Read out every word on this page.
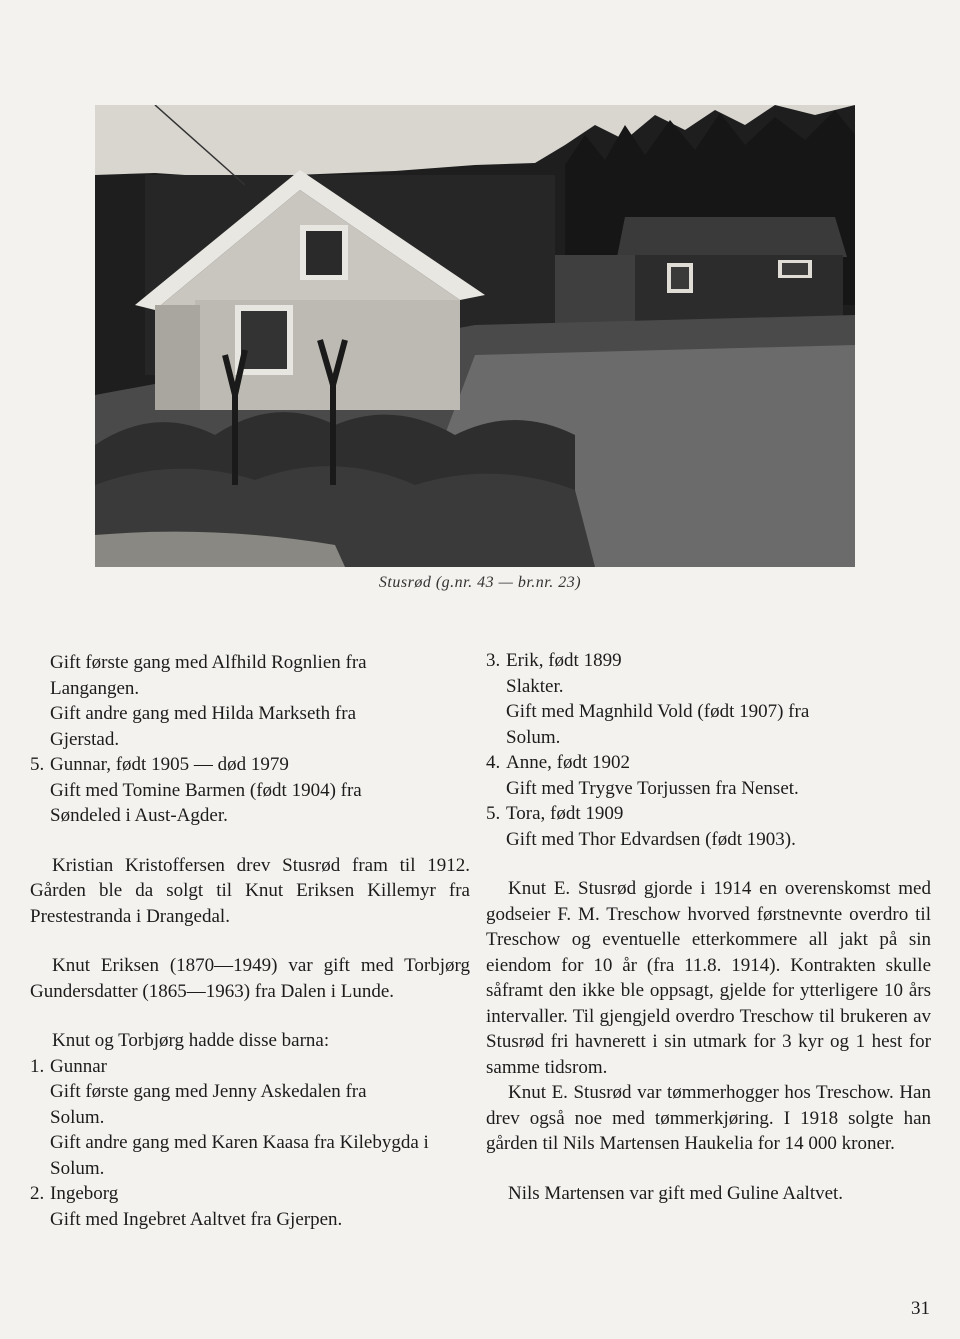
Stusrød (g.nr. 43 — br.nr. 23)

Gift første gang med Alfhild Rognlien fra

Langangen.

Gift andre gang med Hilda Markseth fra

Gjerstad.

5. Gunnar, født 1905 — død 1979

Gift med Tomine Barmen (født 1904) fra

Søndeled i Aust-Agder.

Kristian Kristoffersen drev Stusrød fram til 1912. Gården ble da solgt til Knut Eriksen Killemyr fra Prestestranda i Drangedal.

Knut Eriksen (1870—1949) var gift med Torbjørg Gundersdatter (1865—1963) fra Dalen i Lunde.

Knut og Torbjørg hadde disse barna:

1. Gunnar

Gift første gang med Jenny Askedalen fra

Solum.

Gift andre gang med Karen Kaasa fra Kilebygda i Solum.

2. Ingeborg

Gift med Ingebret Aaltvet fra Gjerpen.

3. Erik, født 1899

Slakter.

Gift med Magnhild Vold (født 1907) fra

Solum.

4. Anne, født 1902

Gift med Trygve Torjussen fra Nenset.

5. Tora, født 1909

Gift med Thor Edvardsen (født 1903).

Knut E. Stusrød gjorde i 1914 en overenskomst med godseier F. M. Treschow hvorved førstnevnte overdro til Treschow og eventuelle etterkommere all jakt på sin eiendom for 10 år (fra 11.8. 1914). Kontrakten skulle såframt den ikke ble oppsagt, gjelde for ytterligere 10 års intervaller. Til gjengjeld overdro Treschow til brukeren av Stusrød fri havnerett i sin utmark for 3 kyr og 1 hest for samme tidsrom.

Knut E. Stusrød var tømmerhogger hos Treschow. Han drev også noe med tømmerkjøring. I 1918 solgte han gården til Nils Martensen Haukelia for 14 000 kroner.

Nils Martensen var gift med Guline Aaltvet.

31
